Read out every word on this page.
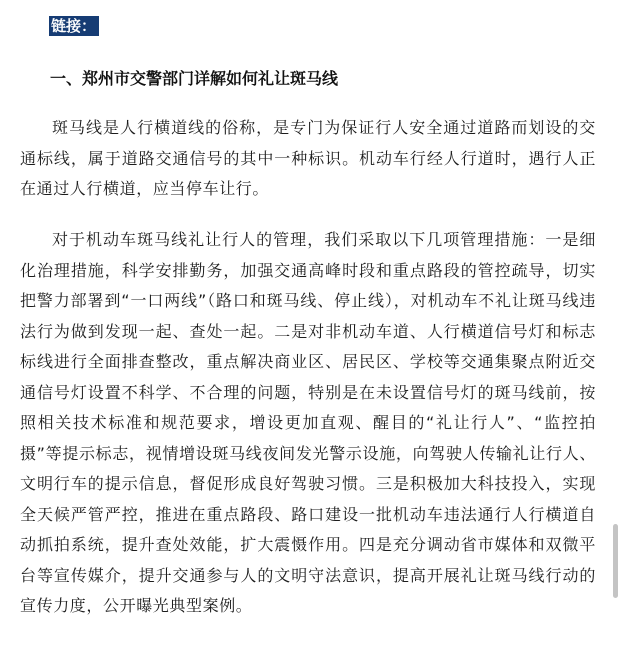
链接：
一、郑州市交警部门详解如何礼让斑马线

斑马线是人行横道线的俗称，是专门为保证行人安全通过道路而划设的交通标线，属于道路交通信号的其中一种标识。机动车行经人行道时，遇行人正在通过人行横道，应当停车让行。

对于机动车斑马线礼让行人的管理，我们采取以下几项管理措施：一是细化治理措施，科学安排勤务，加强交通高峰时段和重点路段的管控疏导，切实把警力部署到“一口两线”（路口和斑马线、停止线），对机动车不礼让斑马线违法行为做到发现一起、查处一起。二是对非机动车道、人行横道信号灯和标志标线进行全面排查整改，重点解决商业区、居民区、学校等交通集聚点附近交通信号灯设置不科学、不合理的问题，特别是在未设置信号灯的斑马线前，按照相关技术标准和规范要求，增设更加直观、醒目的“礼让行人”、“监控拍摄”等提示标志，视情增设斑马线夜间发光警示设施，向驾驶人传输礼让行人、文明行车的提示信息，督促形成良好驾驶习惯。三是积极加大科技投入，实现全天候严管严控，推进在重点路段、路口建设一批机动车违法通行人行横道自动抓拍系统，提升查处效能，扩大震慑作用。四是充分调动省市媒体和双微平台等宣传媒介，提升交通参与人的文明守法意识，提高开展礼让斑马线行动的宣传力度，公开曝光典型案例。
